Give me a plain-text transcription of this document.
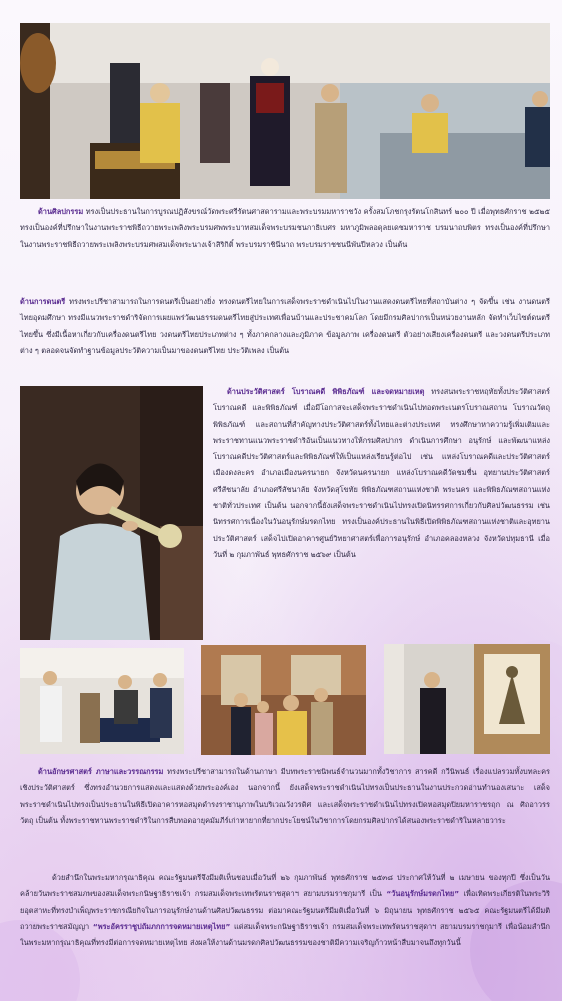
ด้านศิลปกรรม ทรงเป็นประธานในการบูรณปฏิสังขรณ์วัดพระศรีรัตนศาสดารามและพระบรมมหาราชวัง ครั้งสมโภชกรุงรัตนโกสินทร์ ๒๐๐ ปี เมื่อพุทธศักราช ๒๕๒๕ ทรงเป็นองค์ที่ปรึกษาในงานพระราชพิธีถวายพระเพลิงพระบรมศพพระบาทสมเด็จพระบรมชนกาธิเบศร มหาภูมิพลอดุลยเดชมหาราช บรมนาถบพิตร ทรงเป็นองค์ที่ปรึกษาในงานพระราชพิธีถวายพระเพลิงพระบรมศพสมเด็จพระนางเจ้าสิริกิติ์ พระบรมราชินีนาถ พระบรมราชชนนีพันปีหลวง เป็นต้น
ด้านการดนตรี ทรงพระปรีชาสามารถในการดนตรีเป็นอย่างยิ่ง ทรงดนตรีไทยในการเสด็จพระราชดำเนินไปในงานแสดงดนตรีไทยที่สถาบันต่าง ๆ จัดขึ้น เช่น งานดนตรีไทยอุดมศึกษา ทรงมีแนวพระราชดำริจัดการเผยแพร่วัฒนธรรมดนตรีไทยสู่ประเทศเพื่อนบ้านและประชาคมโลก โดยมีกรมศิลปากรเป็นหน่วยงานหลัก จัดทำเว็บไซต์ดนตรีไทยขึ้น ซึ่งมีเนื้อหาเกี่ยวกับเครื่องดนตรีไทย วงดนตรีไทยประเภทต่าง ๆ ทั้งภาคกลางและภูมิภาค ข้อมูลภาพ เครื่องดนตรี ตัวอย่างเสียงเครื่องดนตรี และวงดนตรีประเภทต่าง ๆ ตลอดจนจัดทำฐานข้อมูลประวัติความเป็นมาของดนตรีไทย ประวัติเพลง เป็นต้น
ด้านประวัติศาสตร์ โบราณคดี พิพิธภัณฑ์ และจดหมายเหตุ ทรงสนพระราชหฤทัยทั้งประวัติศาสตร์ โบราณคดี และพิพิธภัณฑ์ เมื่อมีโอกาสจะเสด็จพระราชดำเนินไปทอดพระเนตรโบราณสถาน โบราณวัตถุ พิพิธภัณฑ์ และสถานที่สำคัญทางประวัติศาสตร์ทั้งไทยและต่างประเทศ ทรงศึกษาหาความรู้เพิ่มเติมและพระราชทานแนวพระราชดำริอันเป็นแนวทางให้กรมศิลปากร ดำเนินการศึกษา อนุรักษ์ และพัฒนาแหล่งโบราณคดีประวัติศาสตร์และพิพิธภัณฑ์ให้เป็นแหล่งเรียนรู้ต่อไป เช่น แหล่งโบราณคดีและประวัติศาสตร์เมืองดงละคร อำเภอเมืองนครนายก จังหวัดนครนายก แหล่งโบราณคดีวัดชมชื่น อุทยานประวัติศาสตร์ศรีสัชนาลัย อำเภอศรีสัชนาลัย จังหวัดสุโขทัย พิพิธภัณฑสถานแห่งชาติ พระนคร และพิพิธภัณฑสถานแห่งชาติทั่วประเทศ เป็นต้น นอกจากนี้ยังเสด็จพระราชดำเนินไปทรงเปิดนิทรรศการเกี่ยวกับศิลปวัฒนธรรม เช่น นิทรรศการเนื่องในวันอนุรักษ์มรดกไทย ทรงเป็นองค์ประธานในพิธีเปิดพิพิธภัณฑสถานแห่งชาติและอุทยานประวัติศาสตร์ เสด็จไปเปิดอาคารศูนย์วิทยาศาสตร์เพื่อการอนุรักษ์ อำเภอคลองหลวง จังหวัดปทุมธานี เมื่อวันที่ ๒ กุมภาพันธ์ พุทธศักราช ๒๕๖๙ เป็นต้น
ด้านอักษรศาสตร์ ภาษาและวรรณกรรม ทรงพระปรีชาสามารถในด้านภาษา มีบทพระราชนิพนธ์จำนวนมากทั้งวิชาการ สารคดี กวีนิพนธ์ เรื่องแปลรวมทั้งบทละครเชิงประวัติศาสตร์ ซึ่งทรงอำนวยการแสดงและแสดงด้วยพระองค์เอง นอกจากนี้ ยังเสด็จพระราชดำเนินไปทรงเป็นประธานในงานประกวดอ่านทำนองเสนาะ เสด็จพระราชดำเนินไปทรงเป็นประธานในพิธีเปิดอาคารหอสมุดดำรงราชานุภาพในบริเวณวังวรดิศ และเสด็จพระราชดำเนินไปทรงเปิดหอสมุดปิยมหาราชรฤก ณ ศิถอาวรรวัตถุ เป็นต้น ทั้งพระราชทานพระราชดำริในการสืบทอดอายุคมัมภีร์เก่าหายากที่ยากประโยชน์ในวิชาการโดยกรมศิลปากรได้สนองพระราชดำริในหลายวาระ
ด้วยสำนึกในพระมหากรุณาธิคุณ คณะรัฐมนตรีจึงมีมติเห็นชอบเมื่อวันที่ ๒๖ กุมภาพันธ์ พุทธศักราช ๒๕๓๘ ประกาศให้วันที่ ๒ เมษายน ของทุกปี ซึ่งเป็นวันคล้ายวันพระราชสมภพของสมเด็จพระกนิษฐาธิราชเจ้า กรมสมเด็จพระเทพรัตนราชสุดาฯ สยามบรมราชกุมารี เป็น “วันอนุรักษ์มรดกไทย” เพื่อเทิดพระเกียรติในพระวิริยอุตสาหะที่ทรงบำเพ็ญพระราชกรณียกิจในการอนุรักษ์งานด้านศิลปวัฒนธรรม ต่อมาคณะรัฐมนตรีมีมติเมื่อวันที่ ๖ มิถุนายน พุทธศักราช ๒๕๖๕ คณะรัฐมนตรีได้มีมติถวายพระราชสมัญญา “พระอัครราชูปถัมภกการจดหมายเหตุไทย” แด่สมเด็จพระกนิษฐาธิราชเจ้า กรมสมเด็จพระเทพรัตนราชสุดาฯ สยามบรมราชกุมารี เพื่อน้อมสำนึกในพระมหากรุณาธิคุณที่ทรงมีต่อการจดหมายเหตุไทย ส่งผลให้งานด้านมรดกศิลปวัฒนธรรมของชาติมีความเจริญก้าวหน้าสืบมาจนถึงทุกวันนี้
